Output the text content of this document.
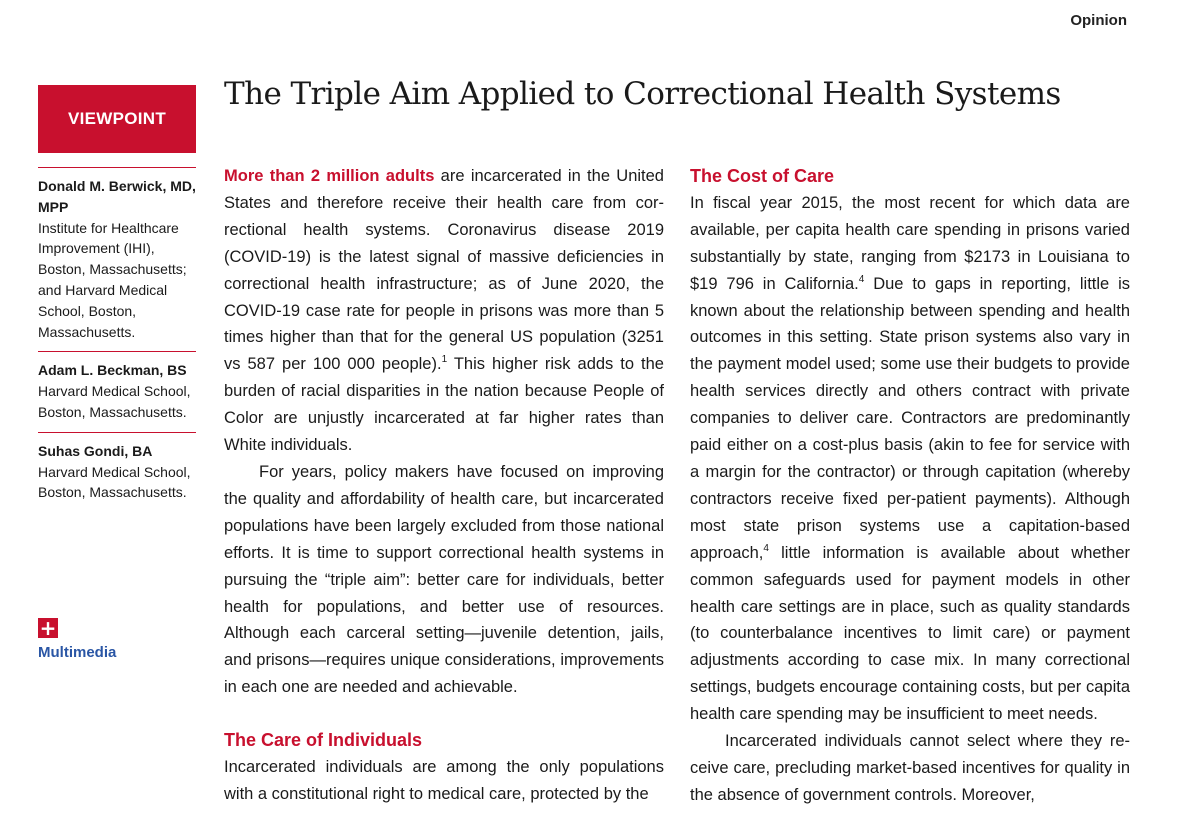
Opinion
VIEWPOINT
Donald M. Berwick, MD, MPP
Institute for Healthcare Improvement (IHI), Boston, Massachusetts; and Harvard Medical School, Boston, Massachusetts.
Adam L. Beckman, BS
Harvard Medical School, Boston, Massachusetts.
Suhas Gondi, BA
Harvard Medical School, Boston, Massachusetts.
+
Multimedia
The Triple Aim Applied to Correctional Health Systems

More than 2 million adults are incarcerated in the United States and therefore receive their health care from correctional health systems. Coronavirus disease 2019 (COVID-19) is the latest signal of massive deficiencies in correctional health infrastructure; as of June 2020, the COVID-19 case rate for people in prisons was more than 5 times higher than that for the general US population (3251 vs 587 per 100 000 people).$^1$ This higher risk adds to the burden of racial disparities in the nation because People of Color are unjustly incarcerated at far higher rates than White individuals.

For years, policy makers have focused on improving the quality and affordability of health care, but incarcerated populations have been largely excluded from those national efforts. It is time to support correctional health systems in pursuing the “triple aim”: better care for individuals, better health for populations, and better use of resources. Although each carceral setting—juvenile detention, jails, and prisons—requires unique considerations, improvements in each one are needed and achievable.

The Care of Individuals

Incarcerated individuals are among the only populations with a constitutional right to medical care, protected by the

The Cost of Care

In fiscal year 2015, the most recent for which data are available, per capita health care spending in prisons varied substantially by state, ranging from $2173 in Louisiana to $19 796 in California.$^4$ Due to gaps in reporting, little is known about the relationship between spending and health outcomes in this setting. State prison systems also vary in the payment model used; some use their budgets to provide health services directly and others contract with private companies to deliver care. Contractors are predominantly paid either on a cost-plus basis (akin to fee for service with a margin for the contractor) or through capitation (whereby contractors receive fixed per-patient payments). Although most state prison systems use a capitation-based approach,$^4$ little information is available about whether common safeguards used for payment models in other health care settings are in place, such as quality standards (to counterbalance incentives to limit care) or payment adjustments according to case mix. In many correctional settings, budgets encourage containing costs, but per capita health care spending may be insufficient to meet needs.

Incarcerated individuals cannot select where they receive care, precluding market-based incentives for quality in the absence of government controls. Moreover,
